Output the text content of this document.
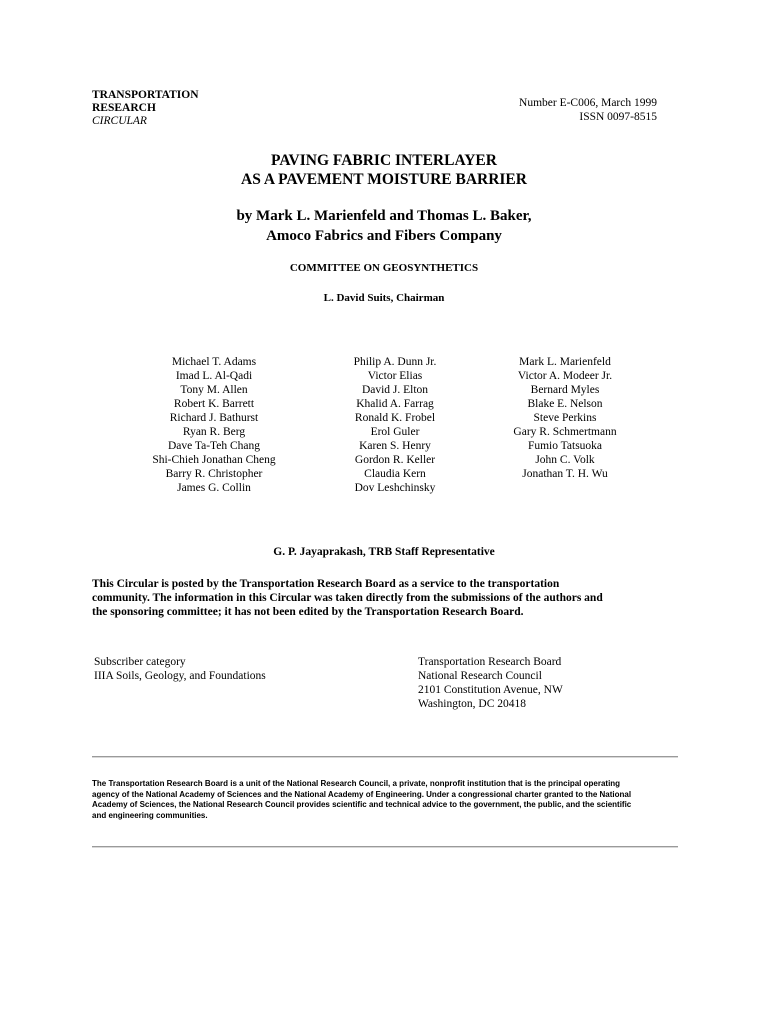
TRANSPORTATION
RESEARCH
CIRCULAR
Number E-C006, March 1999
ISSN 0097-8515
PAVING FABRIC INTERLAYER
AS A PAVEMENT MOISTURE BARRIER
by Mark L. Marienfeld and Thomas L. Baker,
Amoco Fabrics and Fibers Company
COMMITTEE ON GEOSYNTHETICS
L. David Suits, Chairman
Michael T. Adams
Imad L. Al-Qadi
Tony M. Allen
Robert K. Barrett
Richard J. Bathurst
Ryan R. Berg
Dave Ta-Teh Chang
Shi-Chieh Jonathan Cheng
Barry R. Christopher
James G. Collin
Philip A. Dunn Jr.
Victor Elias
David J. Elton
Khalid A. Farrag
Ronald K. Frobel
Erol Guler
Karen S. Henry
Gordon R. Keller
Claudia Kern
Dov Leshchinsky
Mark L. Marienfeld
Victor A. Modeer Jr.
Bernard Myles
Blake E. Nelson
Steve Perkins
Gary R. Schmertmann
Fumio Tatsuoka
John C. Volk
Jonathan T. H. Wu
G. P. Jayaprakash, TRB Staff Representative
This Circular is posted by the Transportation Research Board as a service to the transportation
community. The information in this Circular was taken directly from the submissions of the authors and
the sponsoring committee; it has not been edited by the Transportation Research Board.
Subscriber category
IIIA Soils, Geology, and Foundations
Transportation Research Board
National Research Council
2101 Constitution Avenue, NW
Washington, DC 20418
The Transportation Research Board is a unit of the National Research Council, a private, nonprofit institution that is the principal operating
agency of the National Academy of Sciences and the National Academy of Engineering. Under a congressional charter granted to the National
Academy of Sciences, the National Research Council provides scientific and technical advice to the government, the public, and the scientific
and engineering communities.
